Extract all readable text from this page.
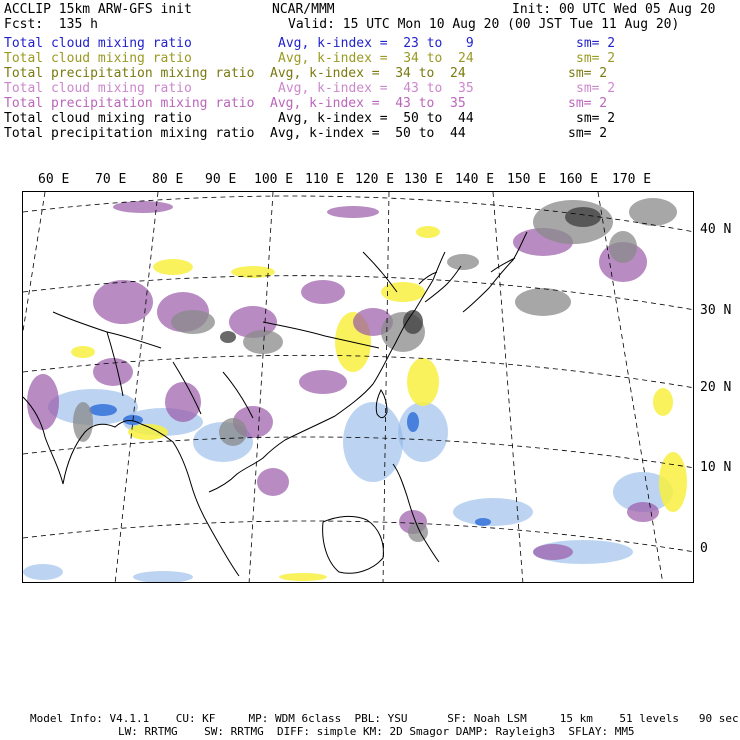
ACCLIP 15km ARW-GFS init	NCAR/MMM	Init: 00 UTC Wed 05 Aug 20
Fcst:  135 h	Valid: 15 UTC Mon 10 Aug 20 (00 JST Tue 11 Aug 20)
Total cloud mixing ratio	Avg, k-index =  23 to   9	sm= 2
Total cloud mixing ratio	Avg, k-index =  34 to  24	sm= 2
Total precipitation mixing ratio Avg, k-index =  34 to  24	sm= 2
Total cloud mixing ratio	Avg, k-index =  43 to  35	sm= 2
Total precipitation mixing ratio Avg, k-index =  43 to  35	sm= 2
Total cloud mixing ratio	Avg, k-index =  50 to  44	sm= 2
Total precipitation mixing ratio Avg, k-index =  50 to  44	sm= 2
60 E 70 E 80 E 90 E 100 E 110 E 120 E 130 E 140 E 150 E 160 E 170 E
40 N
30 N
20 N
10 N
0
Model Info: V4.1.1    CU: KF     MP: WDM 6class  PBL: YSU      SF: Noah LSM     15 km    51 levels   90 sec
LW: RRTMG    SW: RRTMG  DIFF: simple KM: 2D Smagor DAMP: Rayleigh3  SFLAY: MM5
